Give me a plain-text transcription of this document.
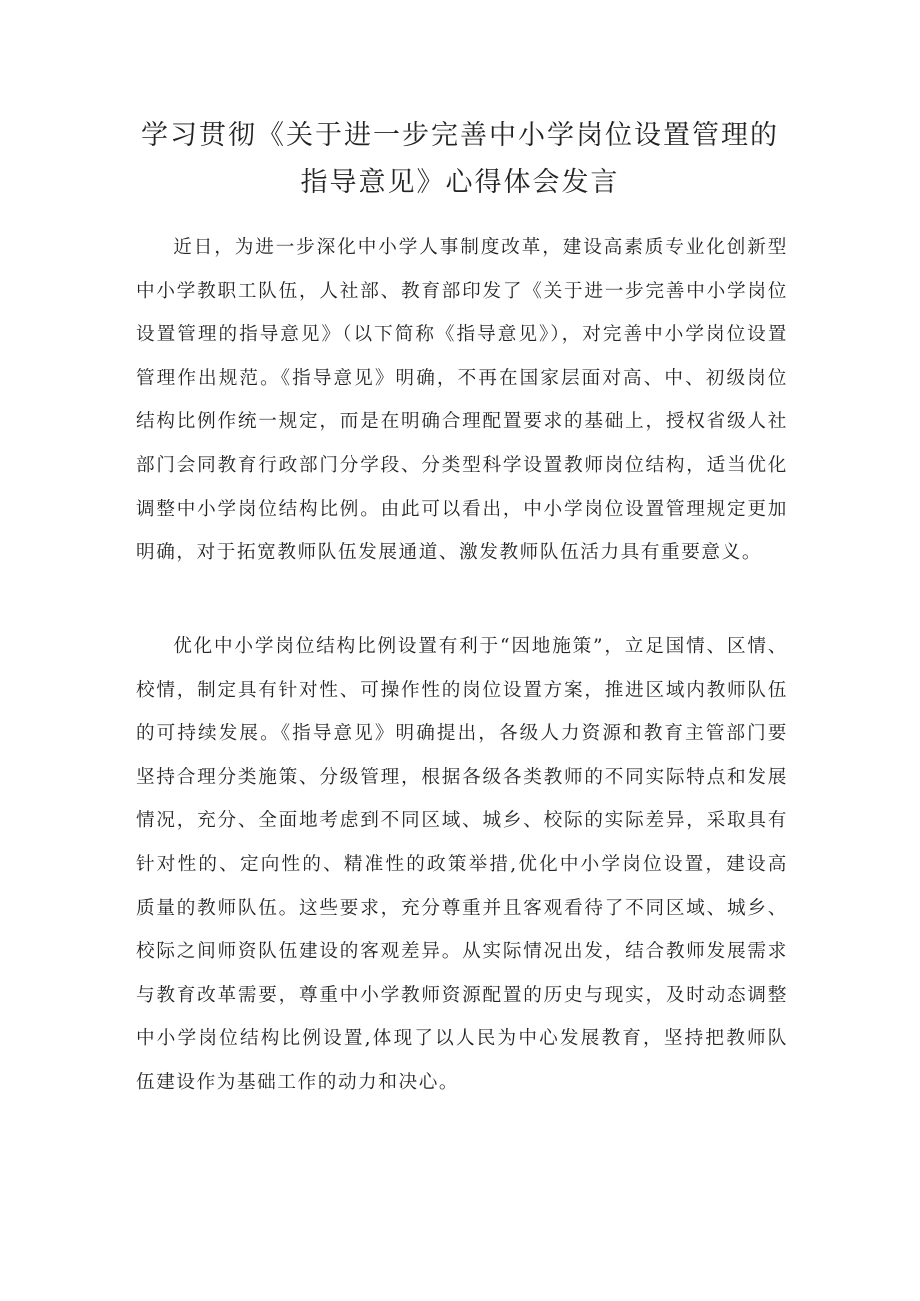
学习贯彻《关于进一步完善中小学岗位设置管理的
指导意见》心得体会发言

近日，为进一步深化中小学人事制度改革，建设高素质专业化创新型中小学教职工队伍，人社部、教育部印发了《关于进一步完善中小学岗位设置管理的指导意见》（以下简称《指导意见》），对完善中小学岗位设置管理作出规范。《指导意见》明确，不再在国家层面对高、中、初级岗位结构比例作统一规定，而是在明确合理配置要求的基础上，授权省级人社部门会同教育行政部门分学段、分类型科学设置教师岗位结构，适当优化调整中小学岗位结构比例。由此可以看出，中小学岗位设置管理规定更加明确，对于拓宽教师队伍发展通道、激发教师队伍活力具有重要意义。

优化中小学岗位结构比例设置有利于“因地施策”，立足国情、区情、校情，制定具有针对性、可操作性的岗位设置方案，推进区域内教师队伍的可持续发展。《指导意见》明确提出，各级人力资源和教育主管部门要坚持合理分类施策、分级管理，根据各级各类教师的不同实际特点和发展情况，充分、全面地考虑到不同区域、城乡、校际的实际差异，采取具有针对性的、定向性的、精准性的政策举措,优化中小学岗位设置，建设高质量的教师队伍。这些要求，充分尊重并且客观看待了不同区域、城乡、校际之间师资队伍建设的客观差异。从实际情况出发，结合教师发展需求与教育改革需要，尊重中小学教师资源配置的历史与现实，及时动态调整中小学岗位结构比例设置,体现了以人民为中心发展教育，坚持把教师队伍建设作为基础工作的动力和决心。
